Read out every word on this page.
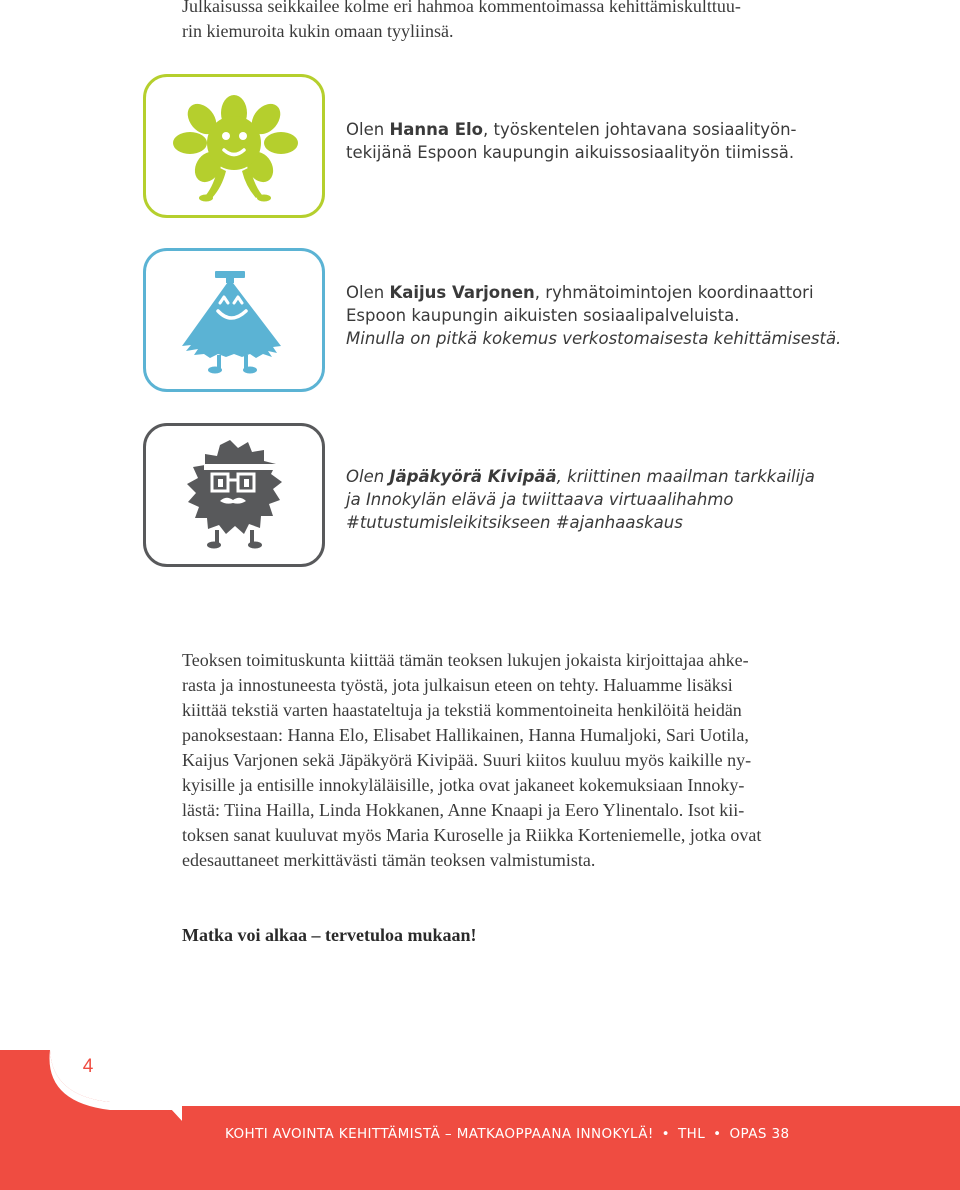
Julkaisussa seikkailee kolme eri hahmoa kommentoimassa kehittämiskulttuu-
rin kiemuroita kukin omaan tyyliinsä.

Olen Hanna Elo, työskentelen johtavana sosiaalityön-
tekijänä Espoon kaupungin aikuissosiaalityön tiimissä.

Olen Kaijus Varjonen, ryhmätoimintojen koordinaattori
Espoon kaupungin aikuisten sosiaalipalveluista.
Minulla on pitkä kokemus verkostomaisesta kehittämisestä.

Olen Jäpäkyörä Kivipää, kriittinen maailman tarkkailija
ja Innokylän elävä ja twiittaava virtuaalihahmo
#tutustumisleikitsikseen #ajanhaaskaus

Teoksen toimituskunta kiittää tämän teoksen lukujen jokaista kirjoittajaa ahke-
rasta ja innostuneesta työstä, jota julkaisun eteen on tehty. Haluamme lisäksi
kiittää tekstiä varten haastateltuja ja tekstiä kommentoineita henkilöitä heidän
panoksestaan: Hanna Elo, Elisabet Hallikainen, Hanna Humaljoki, Sari Uotila,
Kaijus Varjonen sekä Jäpäkyörä Kivipää. Suuri kiitos kuuluu myös kaikille ny-
kyisille ja entisille innokyläläisille, jotka ovat jakaneet kokemuksiaan Innoky-
lästä: Tiina Hailla, Linda Hokkanen, Anne Knaapi ja Eero Ylinentalo. Isot kii-
toksen sanat kuuluvat myös Maria Kuroselle ja Riikka Korteniemelle, jotka ovat
edesauttaneet merkittävästi tämän teoksen valmistumista.

Matka voi alkaa – tervetuloa mukaan!

4
KOHTI AVOINTA KEHITTÄMISTÄ – MATKAOPPAANA INNOKYLÄ! • THL • OPAS 38
